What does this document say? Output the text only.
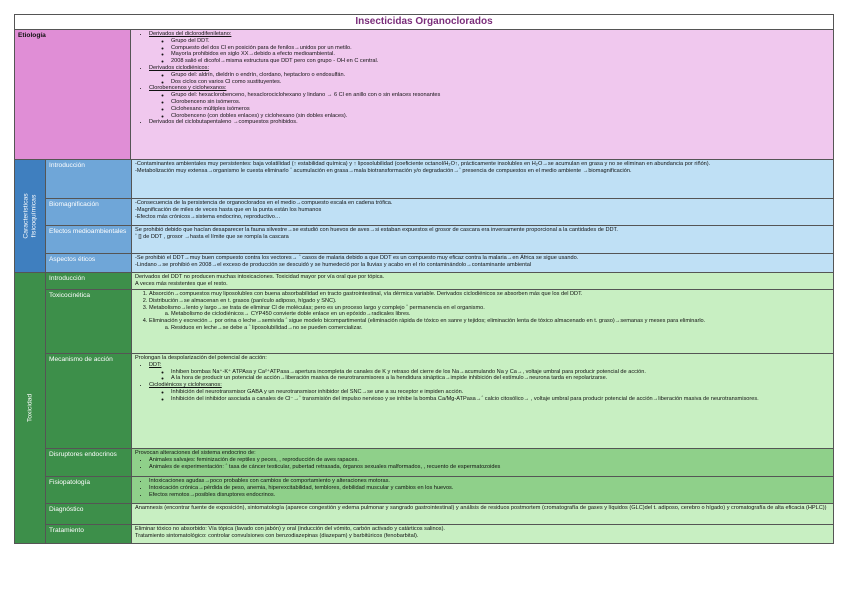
Insecticidas Organoclorados
Etiología	• Derivados del diclorodifeniletano:
◦ Grupo del DDT.
◦ Compuesto del dos Cl en posición para de fenilos→unidos por un metilo.
◦ Mayoría prohibidos en siglo XX→debido a efecto medioambiental.
◦ 2008 salió el dicofol→misma estructura que DDT pero con grupo - OH en C central.
• Derivados ciclodiénicos:
◦ Grupo del: aldrín, dieldrín o endrín, clordano, heptacloro o endosulfán.
◦ Dos ciclos con varios Cl como sustituyentes.
• Clorobencenos y ciclohexanos:
◦ Grupo del: hexaclorobenceno, hexaclorociclohexano y lindano → 6 Cl en anillo con o sin enlaces resonantes
◦ Clorobenceno sin isómeros.
◦ Ciclohexano múltiples isómeros
◦ Clorobenceno (con dobles enlaces) y ciclohexano (sin dobles enlaces).
• Derivados del ciclobutapentaleno →compuestos prohibidos.
Características fisicoquímicas
Introducción	-Contaminantes ambientales muy persistentes: baja volatilidad (↑ estabilidad química) y ↑ liposolubilidad (coeficiente octanol/H₂O↑, prácticamente insolubles en H₂O→se acumulan en grasa y no se eliminan en abundancia por riñón).

-Metabolización muy extensa→organismo le cuesta eliminarlo ˆ acumulación en grasa→mala biotransformación y/o degradación→ˆ presencia de compuestos en el medio ambiente →biomagnificación.

Biomagnificación	-Consecuencia de la persistencia de organoclorados en el medio→compuesto escala en cadena trófica.

-Magnificación de miles de veces hasta que en la punta están los humanos

-Efectos más crónicos→sistema endocrino, reproductivo…

Efectos medioambientales	Se prohibió debido que hacían desaparecer la fauna silvestre→se estudió con huevos de aves→si estaban expuestos el grosor de cascara era inversamente proporcional a la cantidades de DDT.

ˆ [] de DDT , grosor →hasta el límite que se rompía la cascara

Aspectos éticos	-Se prohibió el DDT→muy buen compuesto contra los vectores→ ˆ casos de malaria debido a que DDT es un compuesto muy eficaz contra la malaria→en África se sigue usando.

-Lindano→se prohibió en 2008→el exceso de producción se descuidó y se humedeció por la lluvias y acabo en el río contaminándolo→contaminante ambiental

Toxicidad
Introducción	Derivados del DDT no producen muchas intoxicaciones. Toxicidad mayor por vía oral que por tópica.

A veces más resistentes que el resto.

Toxicocinética	1. Absorción→compuestos muy liposolubles con buena absorbabilidad en tracto gastrointestinal, vía dérmica variable. Derivados ciclodiénicos se absorben más que los del DDT.
2. Distribución→se almacenan en t. grasos (panículo adiposo, hígado y SNC).
3. Metabolismo→lento y largo→se trata de eliminar Cl de moléculas; pero es un proceso largo y complejo ˆ permanencia en el organismo.
a. Metabolismo de ciclodiénicos→ CYP450 convierte doble enlace en un epóxido→radicales libres.
4. Eliminación y excreción→ por orina o leche→semivida ˆ sigue modelo bicompartimental (eliminación rápida de tóxico en sanre y tejidos; eliminación lenta de tóxico almacenado en t. graso)→semanas y meses para eliminarlo.
a. Residuos en leche→se debe a ˆ liposolubilidad→no se pueden comercializar.
Mecanismo de acción	Prolongan la despolarización del potencial de acción:

• DDT:
◦ Inhiben bombas Na⁺-K⁺ ATPAsa y Ca²⁺ATPasa→apertura incompleta de canales de K y retraso del cierre de los Na→acumulando Na y Ca→, voltaje umbral para producir potencial de acción.
◦ A la hora de producir un potencial de acción→liberación masiva de neurotransmisores a la hendidura sináptica→impide inhibición del estímulo→neurona tarda en repolarizarse.
• Ciclodiénicos y ciclohexanos:
◦ Inhibición del neurotransmisor GABA y un neurotransmisor inhibidor del SNC→se une a su receptor e impiden acción.
◦ Inhibición del inhibidor asociada a canales de Cl⁻→ˆ transmisión del impulso nervioso y se inhibe la bomba Ca/Mg-ATPasa→ˆ calcio citosólico→ , voltaje umbral para producir potencial de acción→liberación masiva de neurotransmisores.
Disruptores endocrinos	Provocan alteraciones del sistema endocrino de:

• Animales salvajes: feminización de reptiles y peces, , reproducción de aves rapaces.
• Animales de experimentación: ˆ tasa de cáncer testicular, pubertad retrasada, órganos sexuales malformados, , recuento de espermatozoides
Fisiopatología	• Intoxicaciones agudas→poco probables con cambios de comportamiento y alteraciones motoras.
• Intoxicación crónica→pérdida de peso, anemia, hiperexcitabilidad, temblores, debilidad muscular y cambios en los huevos.
• Efectos remotos→posibles disruptores endocrinos.
Diagnóstico	Anamnesis (encontrar fuente de exposición), sintomatología (aparece congestión y edema pulmonar y sangrado gastrointestinal) y análisis de residuos postmortem (cromatografía de gases y líquidos (GLC)del t. adiposo, cerebro o hígado) y cromatografía de alta eficacia (HPLC))

Tratamiento	Eliminar tóxico no absorbido: Vía tópica (lavado con jabón) y oral (inducción del vómito, carbón activado y catárticos salinos).

Tratamiento sintomatológico: controlar convulsiones con benzodiazepinas (diazepam) y barbitúricos (fenobarbital).
